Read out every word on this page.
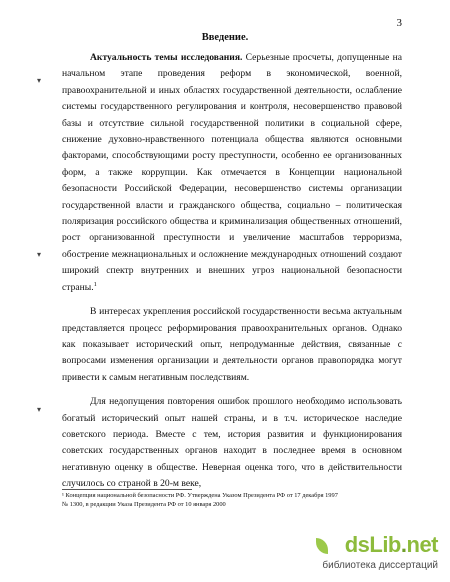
3
Введение.

Актуальность темы исследования. Серьезные просчеты, допущенные на начальном этапе проведения реформ в экономической, военной, правоохранительной и иных областях государственной деятельности, ослабление системы государственного регулирования и контроля, несовершенство правовой базы и отсутствие сильной государственной политики в социальной сфере, снижение духовно-нравственного потенциала общества являются основными факторами, способствующими росту преступности, особенно ее организованных форм, а также коррупции. Как отмечается в Концепции национальной безопасности Российской Федерации, несовершенство системы организации государственной власти и гражданского общества, социально – политическая поляризация российского общества и криминализация общественных отношений, рост организованной преступности и увеличение масштабов терроризма, обострение межнациональных и осложнение международных отношений создают широкий спектр внутренних и внешних угроз национальной безопасности страны.$^1$

В интересах укрепления российской государственности весьма актуальным представляется процесс реформирования правоохранительных органов. Однако как показывает исторический опыт, непродуманные действия, связанные с вопросами изменения организации и деятельности органов правопорядка могут привести к самым негативным последствиям.

Для недопущения повторения ошибок прошлого необходимо использовать богатый исторический опыт нашей страны, и в т.ч. историческое наследие советского периода. Вместе с тем, история развития и функционирования советских государственных органов находит в последнее время в основном негативную оценку в обществе. Неверная оценка того, что в действительности случилось со страной в 20-м веке,

▾
▾
▾
¹ Концепция национальной безопасности РФ. Утверждена Указом Президента РФ от 17 декабря 1997
№ 1300, в редакции Указа Президента РФ от 10 января 2000
dsLib.net
библиотека диссертаций
